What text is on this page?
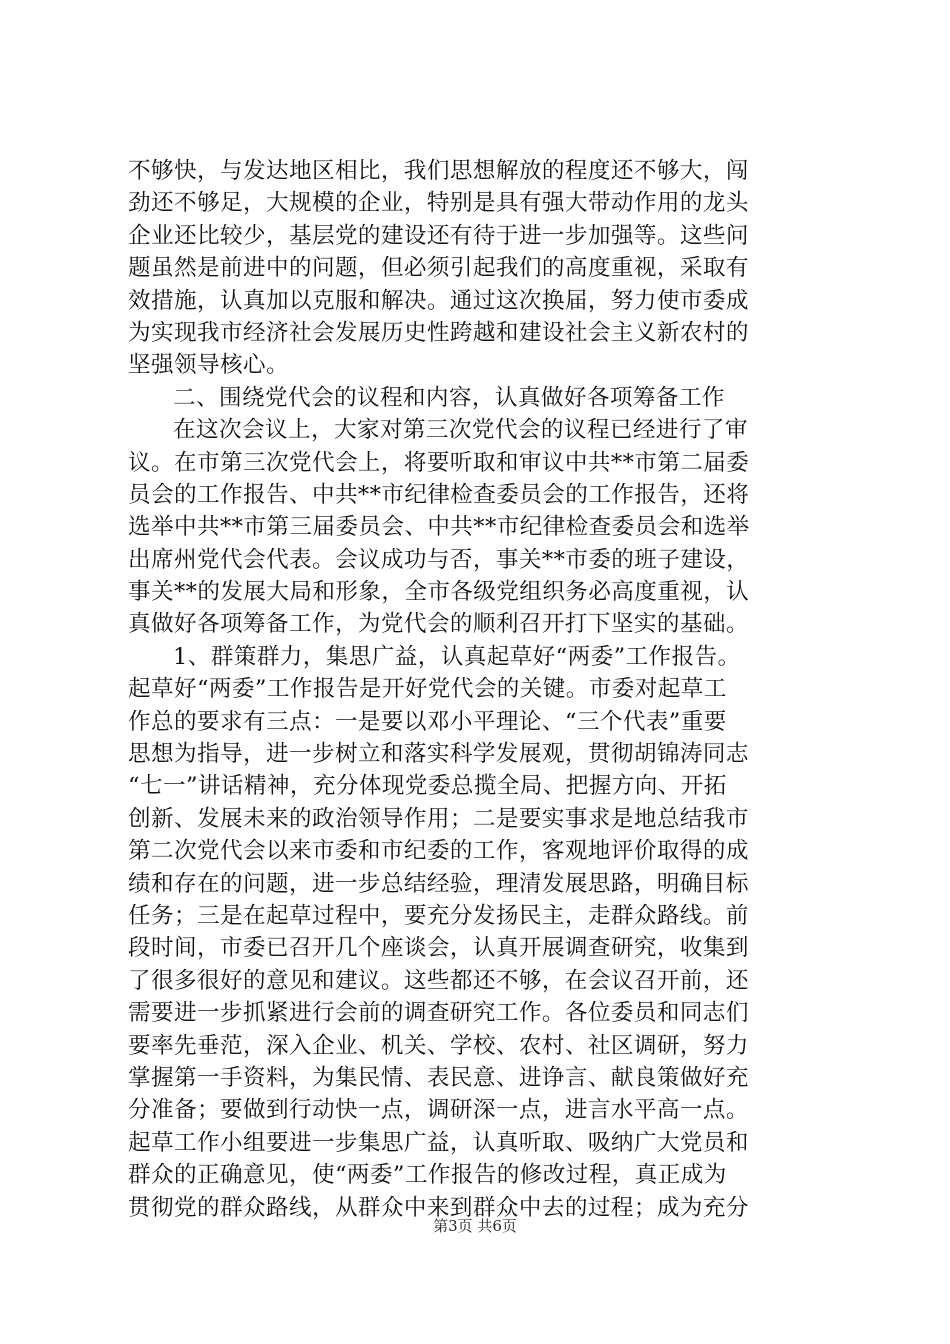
不够快，与发达地区相比，我们思想解放的程度还不够大，闯
劲还不够足，大规模的企业，特别是具有强大带动作用的龙头
企业还比较少，基层党的建设还有待于进一步加强等。这些问
题虽然是前进中的问题，但必须引起我们的高度重视，采取有
效措施，认真加以克服和解决。通过这次换届，努力使市委成
为实现我市经济社会发展历史性跨越和建设社会主义新农村的
坚强领导核心。
二、围绕党代会的议程和内容，认真做好各项筹备工作
在这次会议上，大家对第三次党代会的议程已经进行了审
议。在市第三次党代会上，将要听取和审议中共**市第二届委
员会的工作报告、中共**市纪律检查委员会的工作报告，还将
选举中共**市第三届委员会、中共**市纪律检查委员会和选举
出席州党代会代表。会议成功与否，事关**市委的班子建设，
事关**的发展大局和形象，全市各级党组织务必高度重视，认
真做好各项筹备工作，为党代会的顺利召开打下坚实的基础。
1、群策群力，集思广益，认真起草好“两委”工作报告。
起草好“两委”工作报告是开好党代会的关键。市委对起草工
作总的要求有三点：一是要以邓小平理论、“三个代表”重要
思想为指导，进一步树立和落实科学发展观，贯彻胡锦涛同志
“七一”讲话精神，充分体现党委总揽全局、把握方向、开拓
创新、发展未来的政治领导作用；二是要实事求是地总结我市
第二次党代会以来市委和市纪委的工作，客观地评价取得的成
绩和存在的问题，进一步总结经验，理清发展思路，明确目标
任务；三是在起草过程中，要充分发扬民主，走群众路线。前
段时间，市委已召开几个座谈会，认真开展调查研究，收集到
了很多很好的意见和建议。这些都还不够，在会议召开前，还
需要进一步抓紧进行会前的调查研究工作。各位委员和同志们
要率先垂范，深入企业、机关、学校、农村、社区调研，努力
掌握第一手资料，为集民情、表民意、进诤言、献良策做好充
分准备；要做到行动快一点，调研深一点，进言水平高一点。
起草工作小组要进一步集思广益，认真听取、吸纳广大党员和
群众的正确意见，使“两委”工作报告的修改过程，真正成为
贯彻党的群众路线，从群众中来到群众中去的过程；成为充分
第3页 共6页
